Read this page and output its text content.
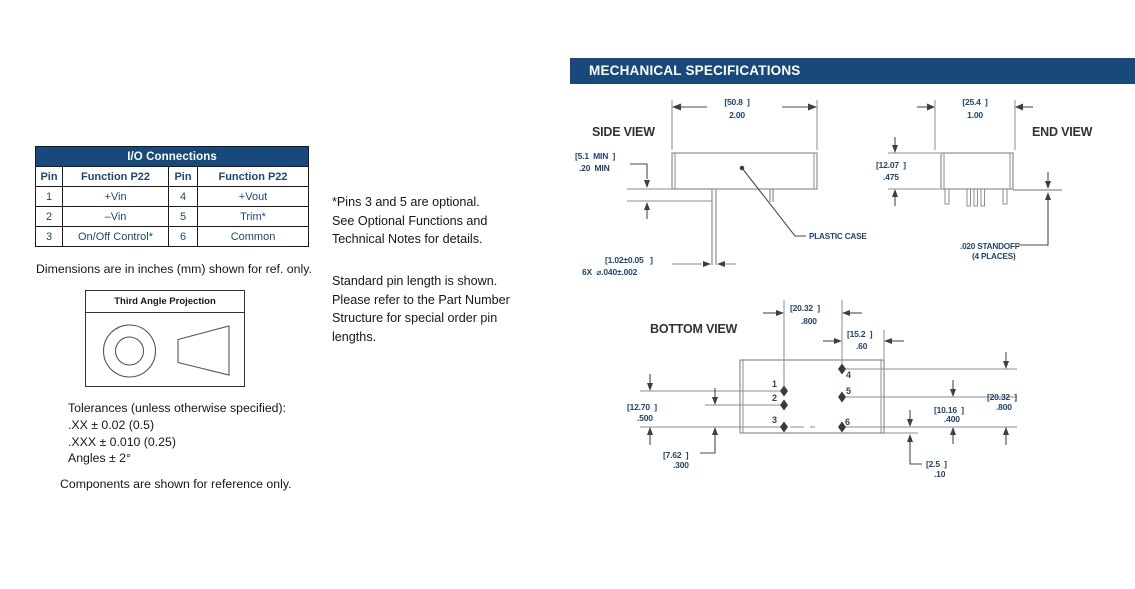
I/O Connections			
Pin	Function P22	Pin	Function P22
1	+Vin	4	+Vout
2	–Vin	5	Trim*
3	On/Off Control*	6	Common
Dimensions are in inches (mm) shown for ref. only.
Third Angle Projection
Tolerances (unless otherwise specified):
.XX ± 0.02 (0.5)
.XXX ± 0.010 (0.25)
Angles ± 2°
Components are shown for reference only.
*Pins 3 and 5 are optional.
See Optional Functions and
Technical Notes for details.
Standard pin length is shown.
Please refer to the Part Number
Structure for special order pin
lengths.
MECHANICAL SPECIFICATIONS
SIDE VIEW
[50.8  ]
2.00
[5.1  MIN  ]
.20  MIN
[1.02±0.05   ]
6X  ⌀.040±.002
PLASTIC CASE
END VIEW
[25.4  ]
1.00
[12.07  ]
.475
.020 STANDOFF
(4 PLACES)
BOTTOM VIEW
[20.32  ]
.800
[15.2  ]
.60
1
2
3
4
5
6
[12.70  ]
.500
[7.62  ]
.300
[20.32  ]
.800
[10.16  ]
.400
[2.5  ]
.10
